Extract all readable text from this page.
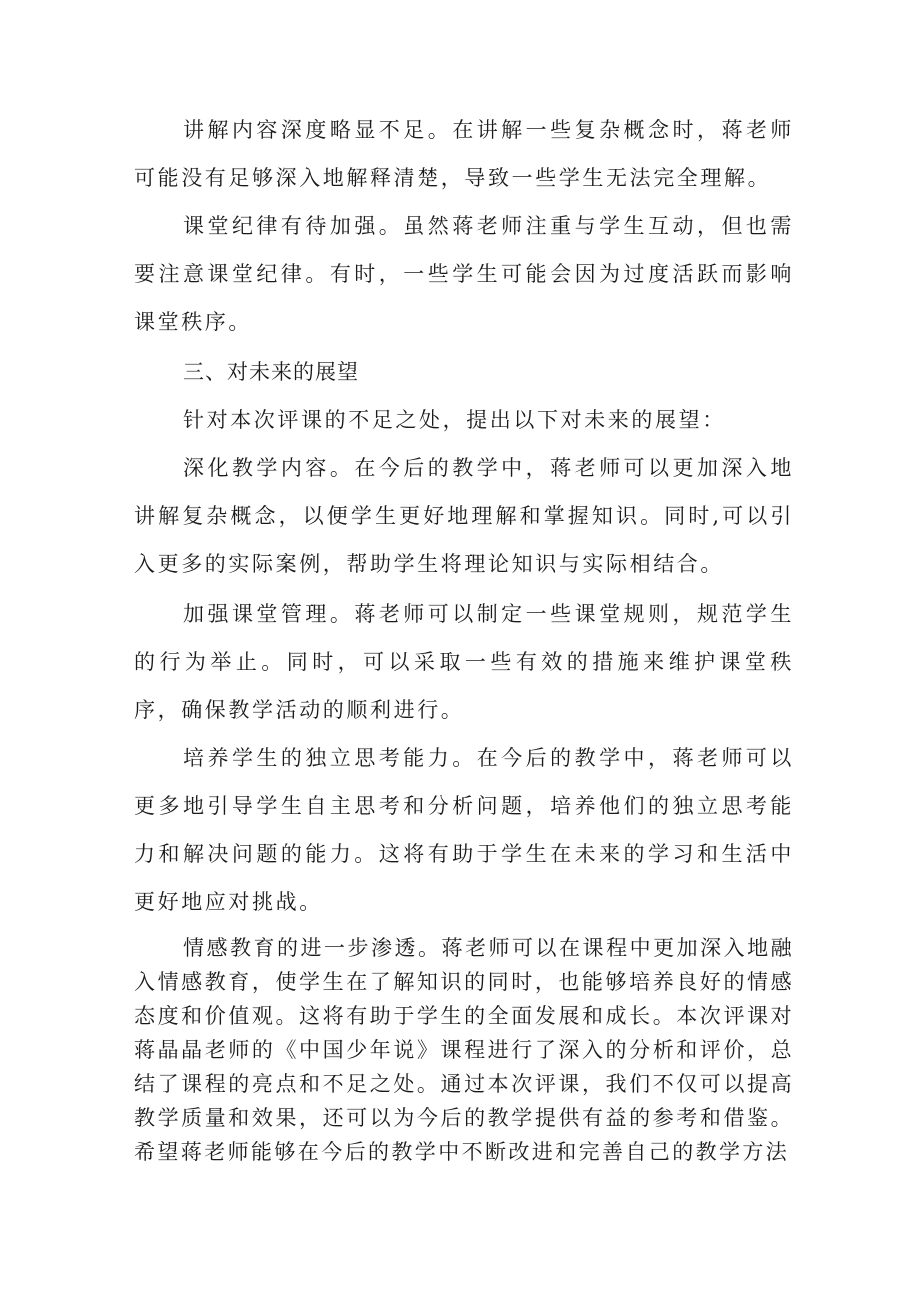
讲解内容深度略显不足。在讲解一些复杂概念时，蒋老师可能没有足够深入地解释清楚，导致一些学生无法完全理解。

课堂纪律有待加强。虽然蒋老师注重与学生互动，但也需要注意课堂纪律。有时，一些学生可能会因为过度活跃而影响课堂秩序。

三、对未来的展望

针对本次评课的不足之处，提出以下对未来的展望：

深化教学内容。在今后的教学中，蒋老师可以更加深入地讲解复杂概念，以便学生更好地理解和掌握知识。同时,可以引入更多的实际案例，帮助学生将理论知识与实际相结合。

加强课堂管理。蒋老师可以制定一些课堂规则，规范学生的行为举止。同时，可以采取一些有效的措施来维护课堂秩序，确保教学活动的顺利进行。

培养学生的独立思考能力。在今后的教学中，蒋老师可以更多地引导学生自主思考和分析问题，培养他们的独立思考能力和解决问题的能力。这将有助于学生在未来的学习和生活中更好地应对挑战。

情感教育的进一步渗透。蒋老师可以在课程中更加深入地融入情感教育，使学生在了解知识的同时，也能够培养良好的情感态度和价值观。这将有助于学生的全面发展和成长。本次评课对蒋晶晶老师的《中国少年说》课程进行了深入的分析和评价，总结了课程的亮点和不足之处。通过本次评课，我们不仅可以提高教学质量和效果，还可以为今后的教学提供有益的参考和借鉴。希望蒋老师能够在今后的教学中不断改进和完善自己的教学方法
